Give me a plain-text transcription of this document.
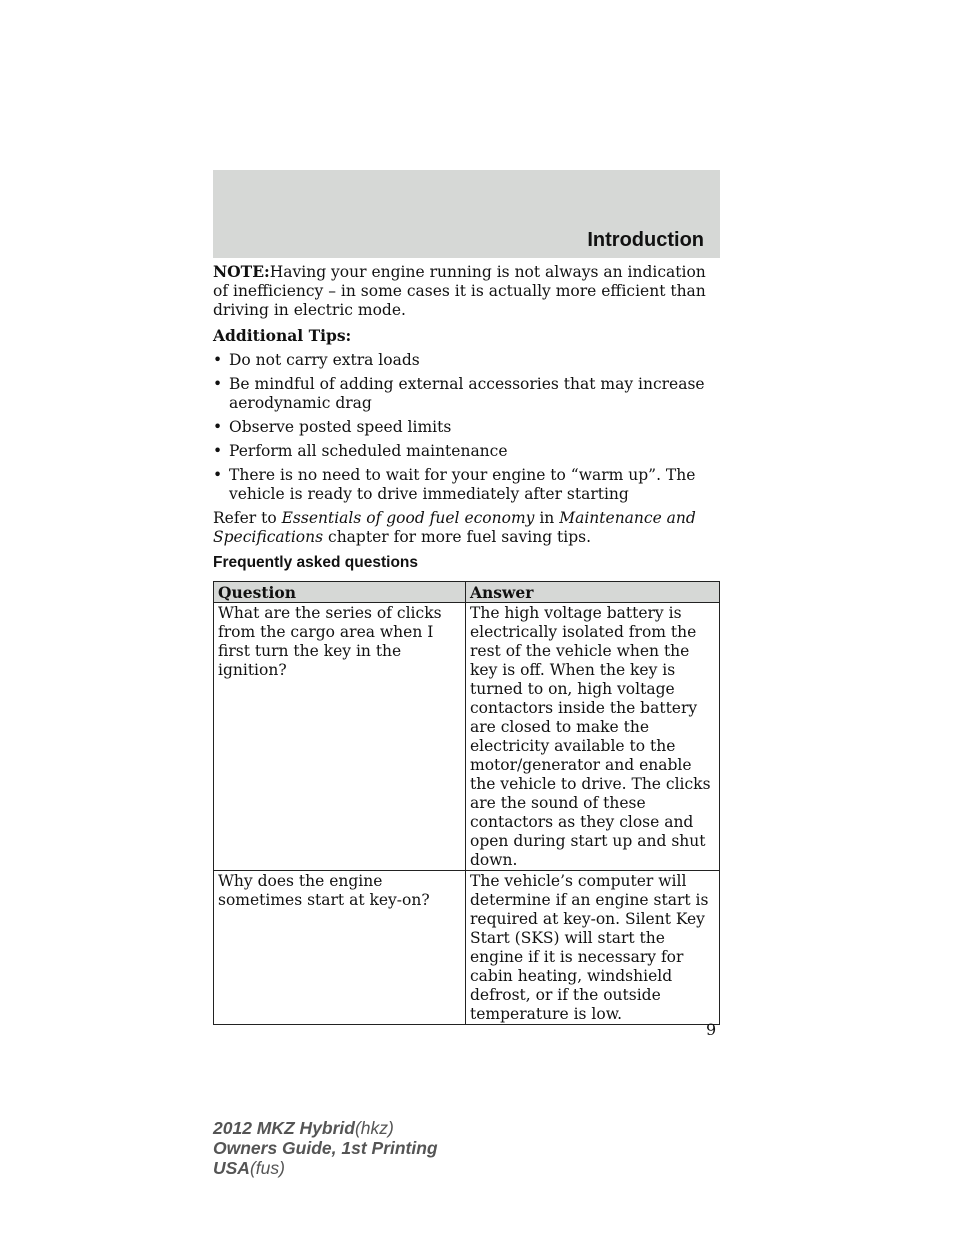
Introduction

NOTE:Having your engine running is not always an indication of inefficiency – in some cases it is actually more efficient than driving in electric mode.

Additional Tips:

• Do not carry extra loads
• Be mindful of adding external accessories that may increase aerodynamic drag
• Observe posted speed limits
• Perform all scheduled maintenance
• There is no need to wait for your engine to “warm up”. The vehicle is ready to drive immediately after starting

Refer to Essentials of good fuel economy in Maintenance and Specifications chapter for more fuel saving tips.

Frequently asked questions
Question	Answer
What are the series of clicks from the cargo area when I first turn the key in the ignition?	The high voltage battery is electrically isolated from the rest of the vehicle when the key is off. When the key is turned to on, high voltage contactors inside the battery are closed to make the electricity available to the motor/generator and enable the vehicle to drive. The clicks are the sound of these contactors as they close and open during start up and shut down.
Why does the engine sometimes start at key-on?	The vehicle’s computer will determine if an engine start is required at key-on. Silent Key Start (SKS) will start the engine if it is necessary for cabin heating, windshield defrost, or if the outside temperature is low.
9
2012 MKZ Hybrid(hkz)
Owners Guide, 1st Printing
USA(fus)
